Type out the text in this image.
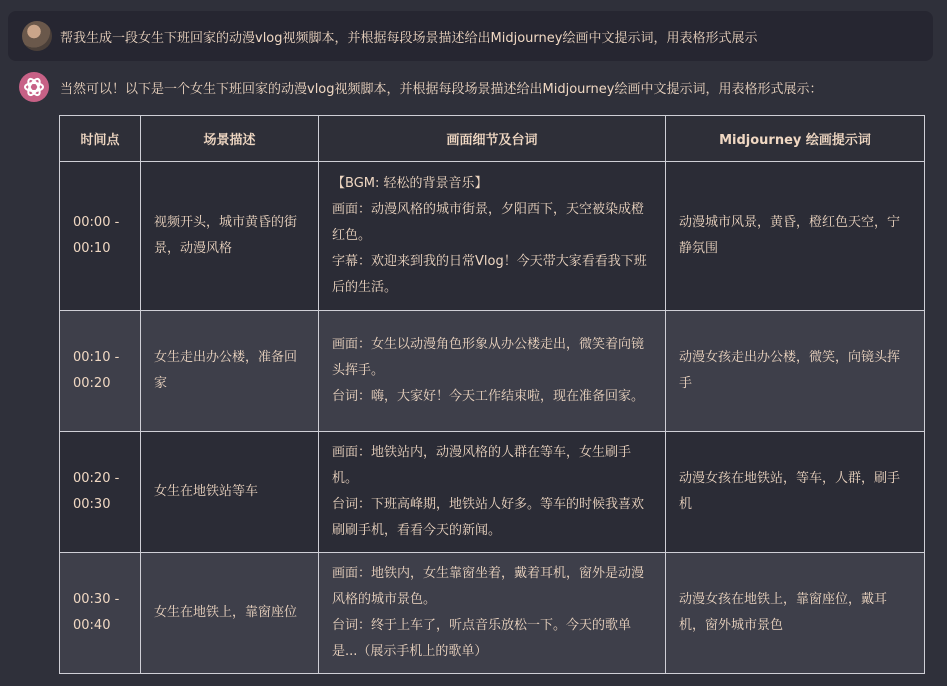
帮我生成一段女生下班回家的动漫vlog视频脚本，并根据每段场景描述给出Midjourney绘画中文提示词，用表格形式展示
当然可以！以下是一个女生下班回家的动漫vlog视频脚本，并根据每段场景描述给出Midjourney绘画中文提示词，用表格形式展示：
时间点	场景描述	画面细节及台词	Midjourney 绘画提示词

00:00 -
00:10	视频开头，城市黄昏的街景，动漫风格	【BGM: 轻松的背景音乐】
画面：动漫风格的城市街景，夕阳西下，天空被染成橙红色。
字幕：欢迎来到我的日常Vlog！今天带大家看看我下班后的生活。	动漫城市风景，黄昏，橙红色天空，宁静氛围

00:10 -
00:20	女生走出办公楼，准备回家	画面：女生以动漫角色形象从办公楼走出，微笑着向镜头挥手。
台词：嗨，大家好！今天工作结束啦，现在准备回家。	动漫女孩走出办公楼，微笑，向镜头挥手

00:20 -
00:30	女生在地铁站等车	画面：地铁站内，动漫风格的人群在等车，女生刷手机。
台词：下班高峰期，地铁站人好多。等车的时候我喜欢刷刷手机，看看今天的新闻。	动漫女孩在地铁站，等车，人群，刷手机

00:30 -
00:40	女生在地铁上，靠窗座位	画面：地铁内，女生靠窗坐着，戴着耳机，窗外是动漫风格的城市景色。
台词：终于上车了，听点音乐放松一下。今天的歌单是...（展示手机上的歌单）	动漫女孩在地铁上，靠窗座位，戴耳机，窗外城市景色
